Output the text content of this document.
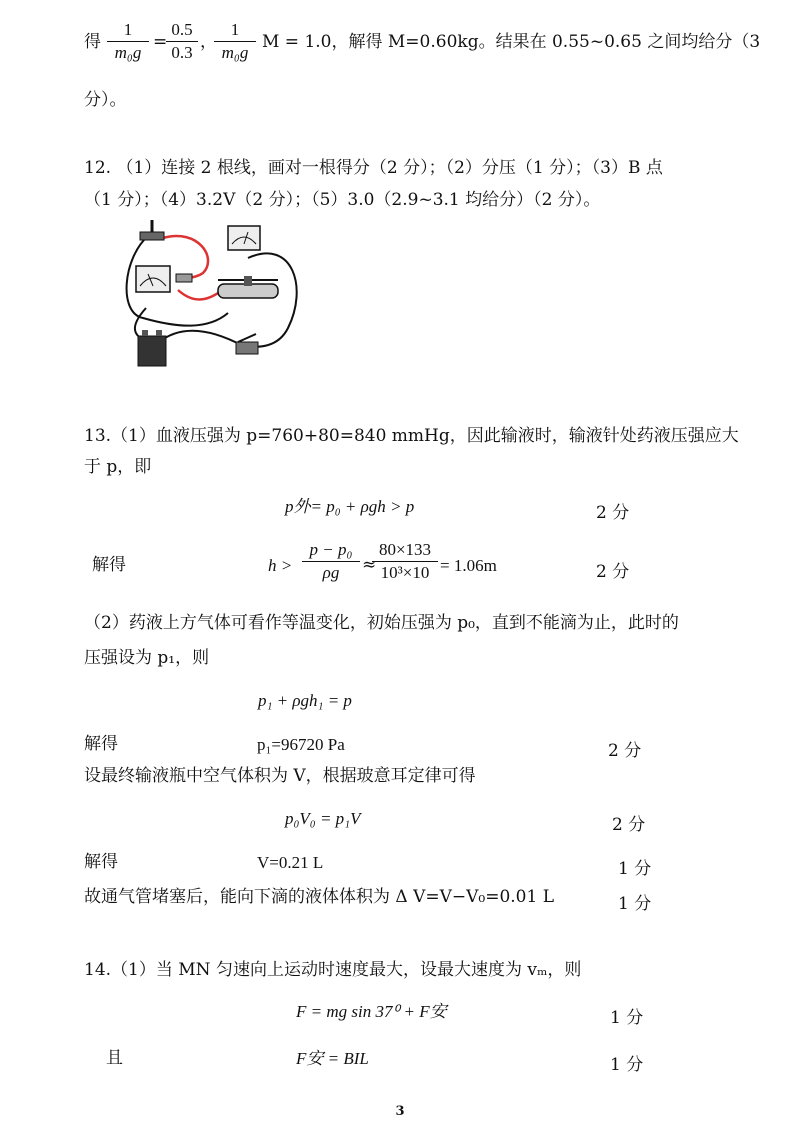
得
1
m₀g
=
0.5
0.3
，
1
m₀g
M = 1.0，解得 M=0.60kg。结果在 0.55~0.65 之间均给分（3
分）。
12. （1）连接 2 根线，画对一根得分（2 分）；（2）分压（1 分）；（3）B 点
（1 分）；（4）3.2V（2 分）；（5）3.0（2.9~3.1 均给分）（2 分）。
13.（1）血液压强为 p=760+80=840 mmHg，因此输液时，输液针处药液压强应大
于 p，即
p外= p₀ + ρgh > p	2 分
解得	h >
p − p₀
ρg	≈
80×133
10³×10 = 1.06m	2 分
（2）药液上方气体可看作等温变化，初始压强为 p₀，直到不能滴为止，此时的
压强设为 p₁，则
p₁ + ρgh₁ = p
解得	p₁=96720 Pa	2 分
设最终输液瓶中空气体积为 V，根据玻意耳定律可得
p₀V₀ = p₁V	2 分
解得	V=0.21 L	1 分
故通气管堵塞后，能向下滴的液体体积为 Δ V=V−V₀=0.01 L	1 分
14.（1）当 MN 匀速向上运动时速度最大，设最大速度为 vₘ，则
F = mg sin 37⁰ + F安	1 分
且	F安 = BIL	1 分
3
